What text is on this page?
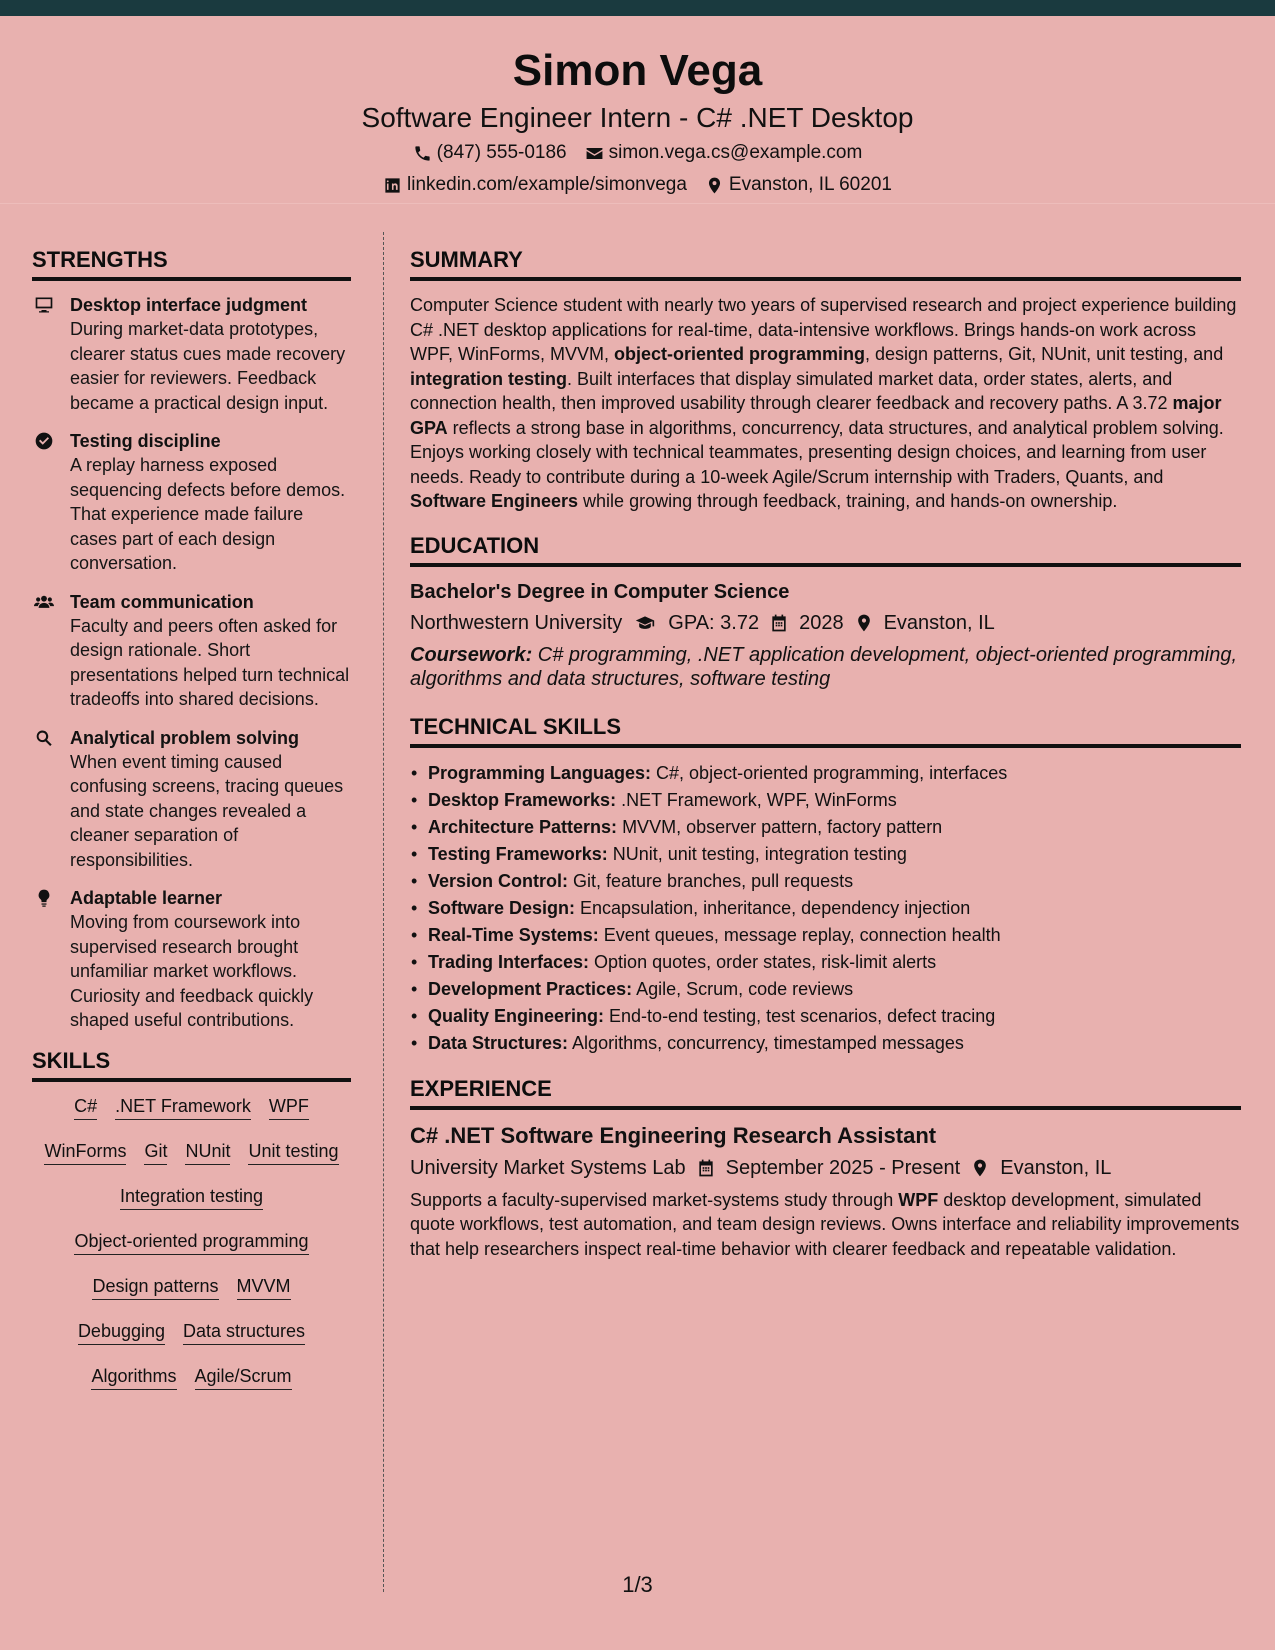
Simon Vega
Software Engineer Intern - C# .NET Desktop
(847) 555-0186 simon.vega.cs@example.com
linkedin.com/example/simonvega Evanston, IL 60201
STRENGTHS
Desktop interface judgment
During market-data prototypes, clearer status cues made recovery easier for reviewers. Feedback became a practical design input.
Testing discipline
A replay harness exposed sequencing defects before demos. That experience made failure cases part of each design conversation.
Team communication
Faculty and peers often asked for design rationale. Short presentations helped turn technical tradeoffs into shared decisions.
Analytical problem solving
When event timing caused confusing screens, tracing queues and state changes revealed a cleaner separation of responsibilities.
Adaptable learner
Moving from coursework into supervised research brought unfamiliar market workflows. Curiosity and feedback quickly shaped useful contributions.
SKILLS
C# .NET Framework WPF
WinForms Git NUnit Unit testing
Integration testing
Object-oriented programming
Design patterns MVVM
Debugging Data structures
Algorithms Agile/Scrum
SUMMARY
Computer Science student with nearly two years of supervised research and project experience building C# .NET desktop applications for real-time, data-intensive workflows. Brings hands-on work across WPF, WinForms, MVVM, object-oriented programming, design patterns, Git, NUnit, unit testing, and integration testing. Built interfaces that display simulated market data, order states, alerts, and connection health, then improved usability through clearer feedback and recovery paths. A 3.72 major GPA reflects a strong base in algorithms, concurrency, data structures, and analytical problem solving. Enjoys working closely with technical teammates, presenting design choices, and learning from user needs. Ready to contribute during a 10-week Agile/Scrum internship with Traders, Quants, and Software Engineers while growing through feedback, training, and hands-on ownership.
EDUCATION
Bachelor's Degree in Computer Science
Northwestern University GPA: 3.72 2028 Evanston, IL
Coursework: C# programming, .NET application development, object-oriented programming, algorithms and data structures, software testing
TECHNICAL SKILLS
• Programming Languages: C#, object-oriented programming, interfaces
• Desktop Frameworks: .NET Framework, WPF, WinForms
• Architecture Patterns: MVVM, observer pattern, factory pattern
• Testing Frameworks: NUnit, unit testing, integration testing
• Version Control: Git, feature branches, pull requests
• Software Design: Encapsulation, inheritance, dependency injection
• Real-Time Systems: Event queues, message replay, connection health
• Trading Interfaces: Option quotes, order states, risk-limit alerts
• Development Practices: Agile, Scrum, code reviews
• Quality Engineering: End-to-end testing, test scenarios, defect tracing
• Data Structures: Algorithms, concurrency, timestamped messages
EXPERIENCE
C# .NET Software Engineering Research Assistant
University Market Systems Lab September 2025 - Present Evanston, IL
Supports a faculty-supervised market-systems study through WPF desktop development, simulated quote workflows, test automation, and team design reviews. Owns interface and reliability improvements that help researchers inspect real-time behavior with clearer feedback and repeatable validation.
1/3
